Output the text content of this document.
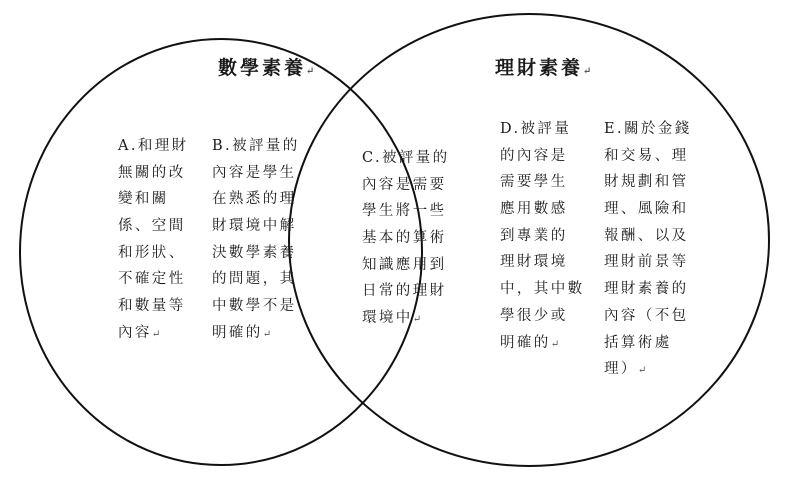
數學素養↵	理財素養↵
A.和理財
無關的改
變和關
係、空間
和形狀、
不確定性
和數量等
內容↵
B.被評量的
內容是學生
在熟悉的理
財環境中解
決數學素養
的問題，其
中數學不是
明確的↵
C.被評量的
內容是需要
學生將一些
基本的算術
知識應用到
日常的理財
環境中↵
D.被評量
的內容是
需要學生
應用數感
到專業的
理財環境
中，其中數
學很少或
明確的↵
E.關於金錢
和交易、理
財規劃和管
理、風險和
報酬、以及
理財前景等
理財素養的
內容（不包
括算術處
理）↵
